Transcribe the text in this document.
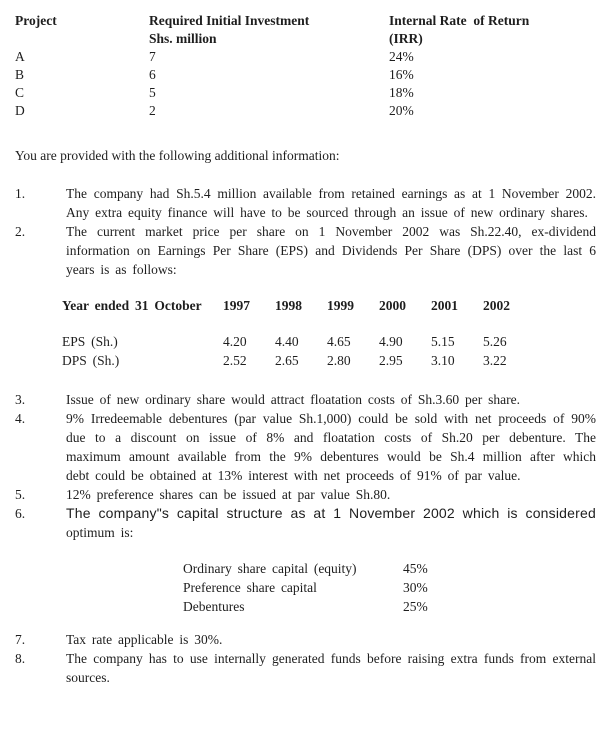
Project	Required Initial Investment	Internal Rate  of Return
Shs. million	(IRR)
A	7	24%
B	6	16%
C	5	18%
D	2	20%

You are provided with the following additional information:

1.	The company had Sh.5.4 million available from retained earnings as at 1 November 2002. Any extra equity finance will have to be sourced through an issue of new ordinary shares.
2.	The current market price per share on 1 November 2002 was Sh.22.40, ex-dividend information on Earnings Per Share (EPS) and Dividends Per Share (DPS) over the last 6 years is as follows:

Year ended 31 October	1997	1998	1999	2000	2001	2002
EPS (Sh.)	4.20	4.40	4.65	4.90	5.15	5.26
DPS (Sh.)	2.52	2.65	2.80	2.95	3.10	3.22
3.	Issue of new ordinary share would attract floatation costs of Sh.3.60 per share.
4.	9% Irredeemable debentures (par value Sh.1,000) could be sold with net proceeds of 90% due to a discount on issue of 8% and floatation costs of Sh.20 per debenture. The maximum amount available from the 9% debentures would be Sh.4 million after which debt could be obtained at 13% interest with net proceeds of 91% of par value.
5.	12% preference shares can be issued at par value Sh.80.
6.	The company"s capital structure as at 1 November 2002 which is considered optimum is:

Ordinary share capital (equity)	45%
Preference share capital	30%
Debentures	25%
7.	Tax rate applicable is 30%.
8.	The company has to use internally generated funds before raising extra funds from external sources.
